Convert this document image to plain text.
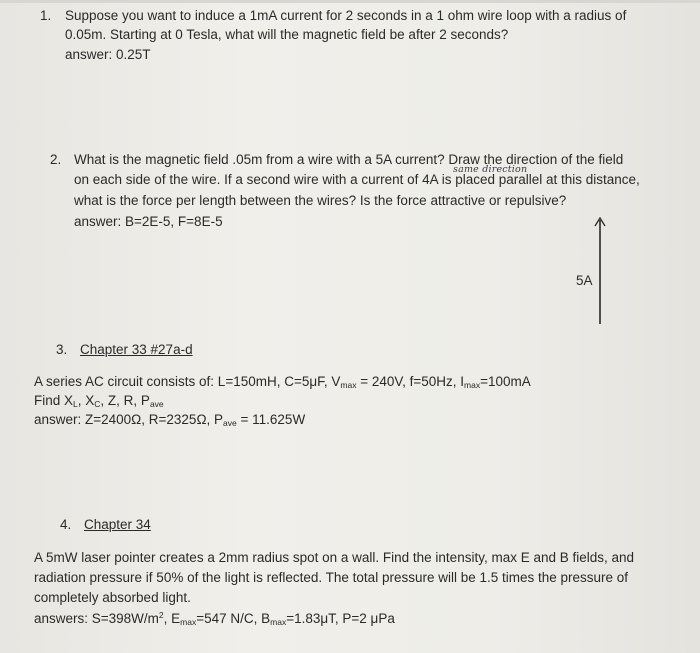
1. Suppose you want to induce a 1mA current for 2 seconds in a 1 ohm wire loop with a radius of
0.05m. Starting at 0 Tesla, what will the magnetic field be after 2 seconds?
answer: 0.25T
2. What is the magnetic field .05m from a wire with a 5A current? Draw the direction of the field
same direction
on each side of the wire. If a second wire with a current of 4A is placed parallel at this distance,
what is the force per length between the wires? Is the force attractive or repulsive?
answer: B=2E-5, F=8E-5
5A
3. Chapter 33 #27a-d
A series AC circuit consists of: L=150mH, C=5μF, $V_{max} = 240V$, f=50Hz, $I_{max}=100mA$
Find $X_L$, $X_C$, Z, R, $P_{ave}$
answer: Z=2400Ω, R=2325Ω, $P_{ave} = 11.625W$
4. Chapter 34
A 5mW laser pointer creates a 2mm radius spot on a wall. Find the intensity, max E and B fields, and
radiation pressure if 50% of the light is reflected. The total pressure will be 1.5 times the pressure of
completely absorbed light.
answers: $S=398W/m^2$, $E_{max}=547$ N/C, $B_{max}=1.83\mu T$, P=2 μPa
